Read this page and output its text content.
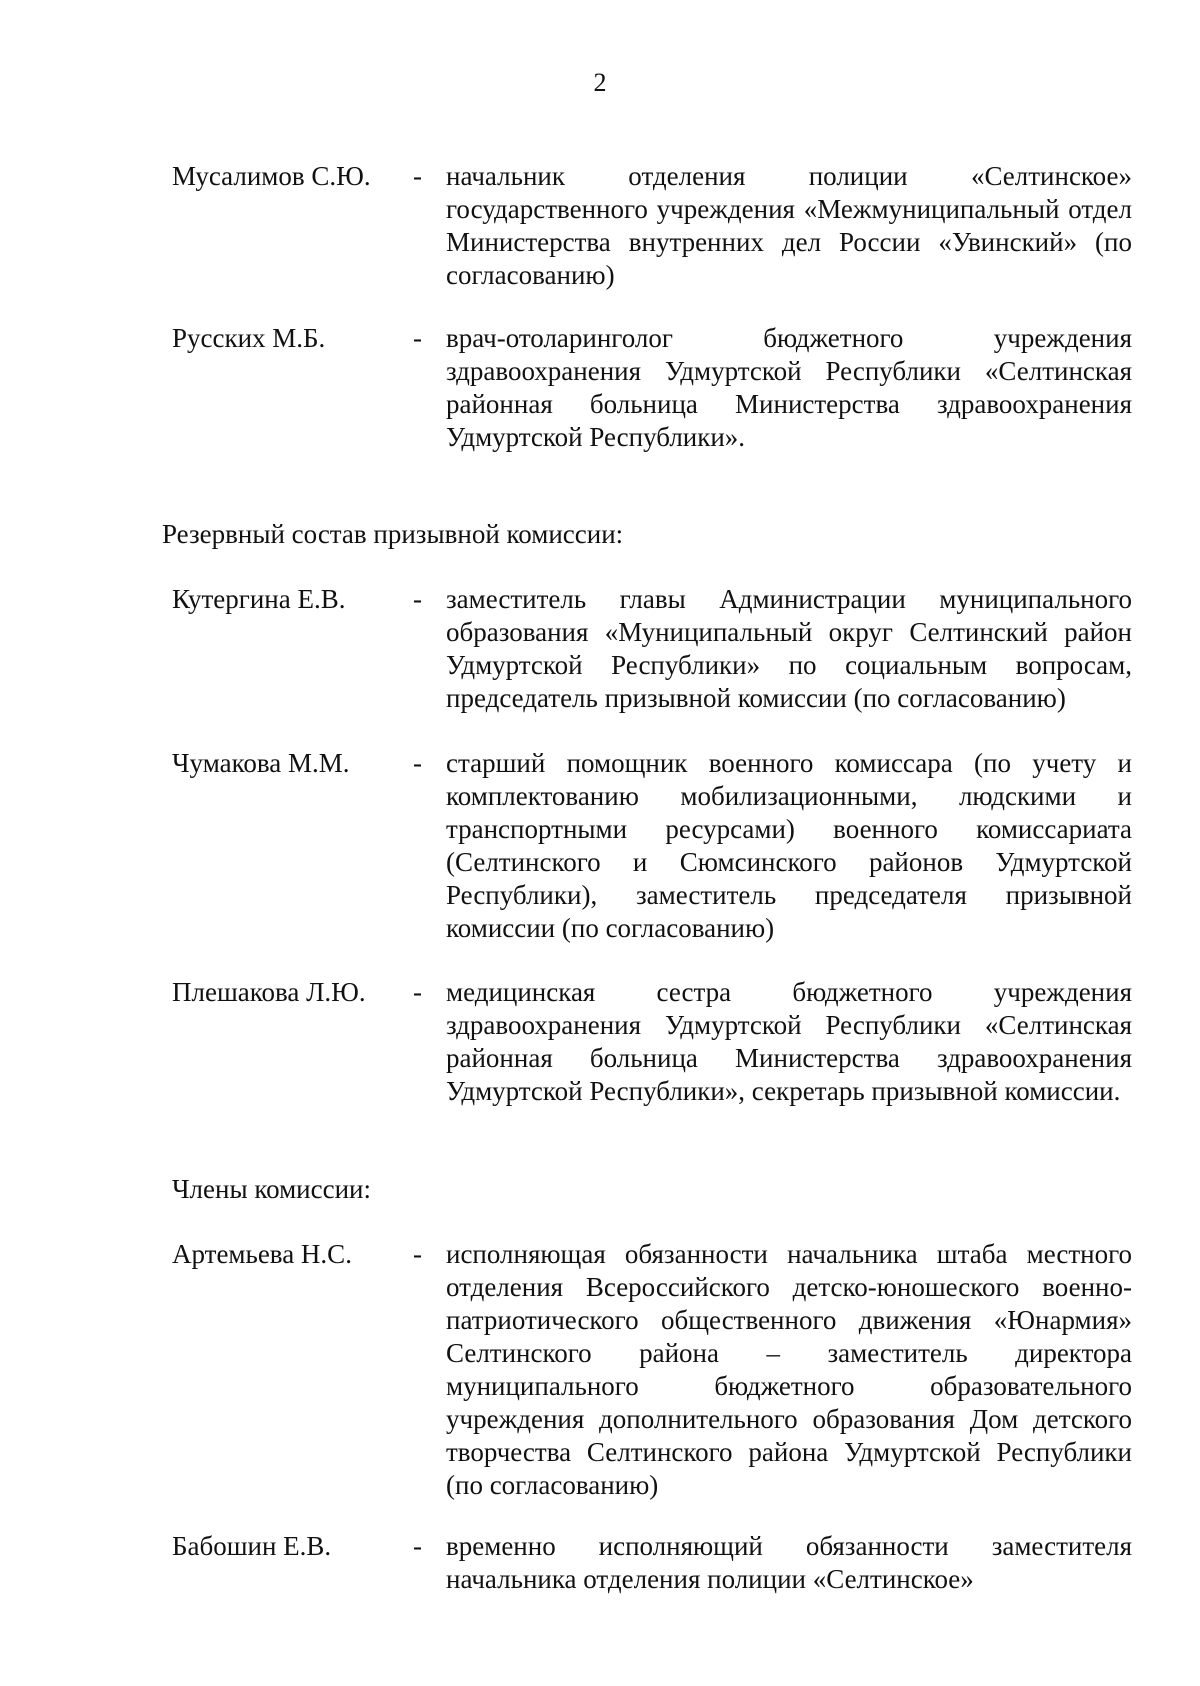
2
Мусалимов С.Ю. - начальник отделения полиции «Селтинское» государственного учреждения «Межмуниципальный отдел Министерства внутренних дел России «Увинский» (по согласованию)

Русских М.Б.	- врач-отоларинголог бюджетного учреждения здравоохранения Удмуртской Республики «Селтинская районная больница Министерства здравоохранения Удмуртской Республики».

Резервный состав призывной комиссии:
Кутергина Е.В.	- заместитель главы Администрации муниципального образования «Муниципальный округ Селтинский район Удмуртской Республики» по социальным вопросам, председатель призывной комиссии (по согласованию)

Чумакова М.М. - старший помощник военного комиссара (по учету и комплектованию мобилизационными, людскими и транспортными ресурсами) военного комиссариата (Селтинского и Сюмсинского районов Удмуртской Республики), заместитель председателя призывной комиссии (по согласованию)

Плешакова Л.Ю. - медицинская сестра бюджетного учреждения здравоохранения Удмуртской Республики «Селтинская районная больница Министерства здравоохранения Удмуртской Республики», секретарь призывной комиссии.

Члены комиссии:
Артемьева Н.С. - исполняющая обязанности начальника штаба местного отделения Всероссийского детско-юношеского военно-патриотического общественного движения «Юнармия» Селтинского района – заместитель директора муниципального бюджетного образовательного учреждения дополнительного образования Дом детского творчества Селтинского района Удмуртской Республики (по согласованию)

Бабошин Е.В.	- временно исполняющий обязанности заместителя начальника отделения полиции «Селтинское»
